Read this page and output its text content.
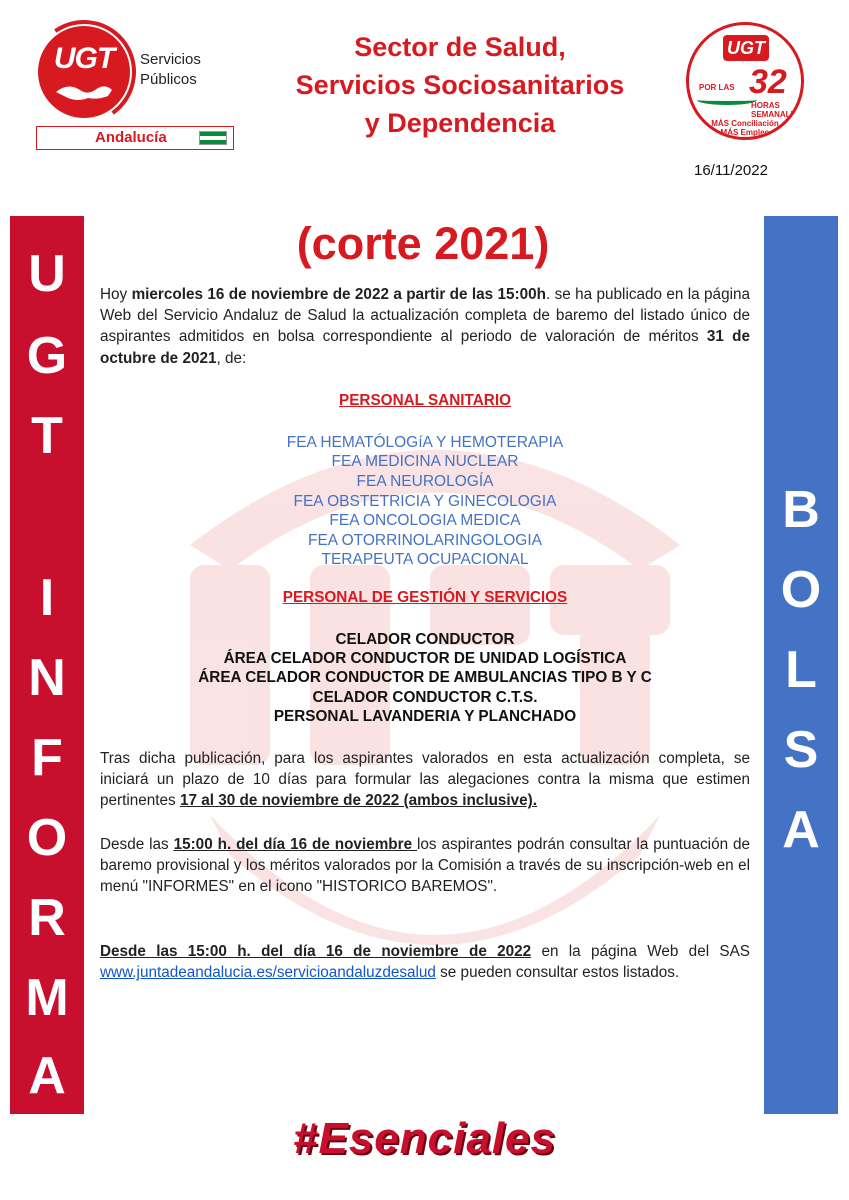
UGT	Servicios
Públicos
Andalucía
Sector de Salud,
Servicios Sociosanitarios
y Dependencia
UGT
POR LAS 32
HORAS
SEMANALES
MÁS Conciliación
MÁS Empleo
16/11/2022
U
G
T
I
N
F
O
R
M
A
B
O
L
S
A
(corte 2021)

Hoy miercoles 16 de noviembre de 2022 a partir de las 15:00h. se ha publicado en la página Web del Servicio Andaluz de Salud la actualización completa de baremo del listado único de aspirantes admitidos en bolsa correspondiente al periodo de valoración de méritos 31 de octubre de 2021, de:

PERSONAL SANITARIO
FEA HEMATÓLOGíA Y HEMOTERAPIA
FEA MEDICINA NUCLEAR
FEA NEUROLOGÍA
FEA OBSTETRICIA Y GINECOLOGIA
FEA ONCOLOGIA MEDICA
FEA OTORRINOLARINGOLOGIA
TERAPEUTA OCUPACIONAL
PERSONAL DE GESTIÓN Y SERVICIOS
CELADOR CONDUCTOR
ÁREA CELADOR CONDUCTOR DE UNIDAD LOGÍSTICA
ÁREA CELADOR CONDUCTOR DE AMBULANCIAS TIPO B Y C
CELADOR CONDUCTOR C.T.S.
PERSONAL LAVANDERIA Y PLANCHADO

Tras dicha publicación, para los aspirantes valorados en esta actualización completa, se iniciará un plazo de 10 días para formular las alegaciones contra la misma que estimen pertinentes 17 al 30 de noviembre de 2022 (ambos inclusive).

Desde las 15:00 h. del día 16 de noviembre los aspirantes podrán consultar la puntuación de baremo provisional y los méritos valorados por la Comisión a través de su inscripción-web en el menú "INFORMES" en el icono "HISTORICO BAREMOS".

Desde las 15:00 h. del día 16 de noviembre de 2022 en la página Web del SAS www.juntadeandalucia.es/servicioandaluzdesalud se pueden consultar estos listados.

#Esenciales
